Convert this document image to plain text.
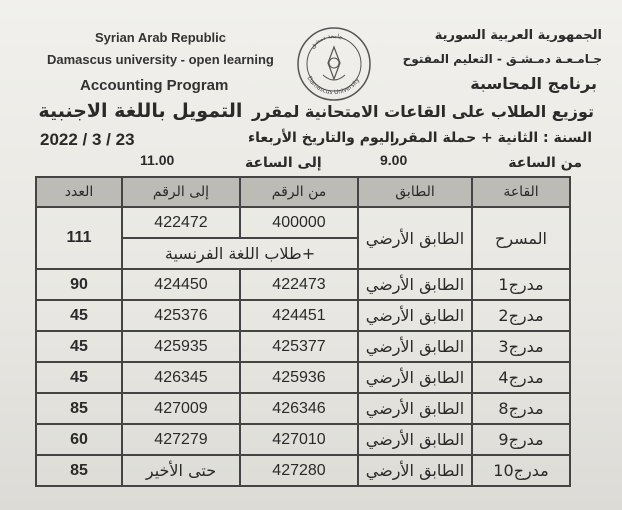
Syrian Arab Republic
Damascus university - open learning
Accounting Program
الجمهورية العربية السورية
جـامـعـة دمـشـق - التعليم المفتوح
برنامج المحاسبة
جامعة دمشق
Damascus University
توزيع الطلاب على القاعات الامتحانية لمقرر التمويل باللغة الاجنبية
السنة : الثانية + حملة المقرر
اليوم والتاريخ الأربعاء
2022 / 3 / 23
من الساعة
9.00
إلى الساعة
11.00
العدد	إلى الرقم	من الرقم	الطابق	القاعة
111	422472	400000	الطابق الأرضي	المسرح
	+طلاب اللغة الفرنسية			
90	424450	422473	الطابق الأرضي	مدرج1
45	425376	424451	الطابق الأرضي	مدرج2
45	425935	425377	الطابق الأرضي	مدرج3
45	426345	425936	الطابق الأرضي	مدرج4
85	427009	426346	الطابق الأرضي	مدرج8
60	427279	427010	الطابق الأرضي	مدرج9
85	حتى الأخير	427280	الطابق الأرضي	مدرج10
